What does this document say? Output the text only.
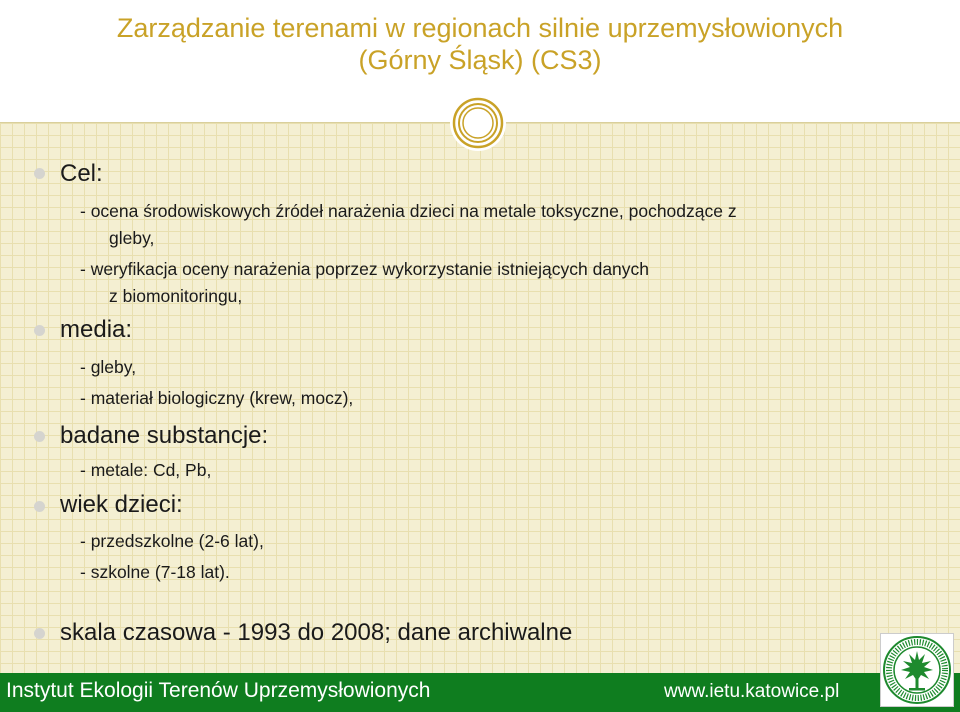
Zarządzanie terenami w regionach silnie uprzemysłowionych
(Górny Śląsk) (CS3)
Cel:
- ocena środowiskowych źródeł narażenia dzieci na metale toksyczne, pochodzące z
gleby,
- weryfikacja oceny narażenia poprzez wykorzystanie istniejących danych
z biomonitoringu,
media:
- gleby,
- materiał biologiczny (krew, mocz),
badane substancje:
- metale: Cd, Pb,
wiek dzieci:
- przedszkolne (2-6 lat),
- szkolne (7-18 lat).
skala czasowa - 1993 do 2008; dane archiwalne
Instytut Ekologii Terenów Uprzemysłowionych	www.ietu.katowice.pl
